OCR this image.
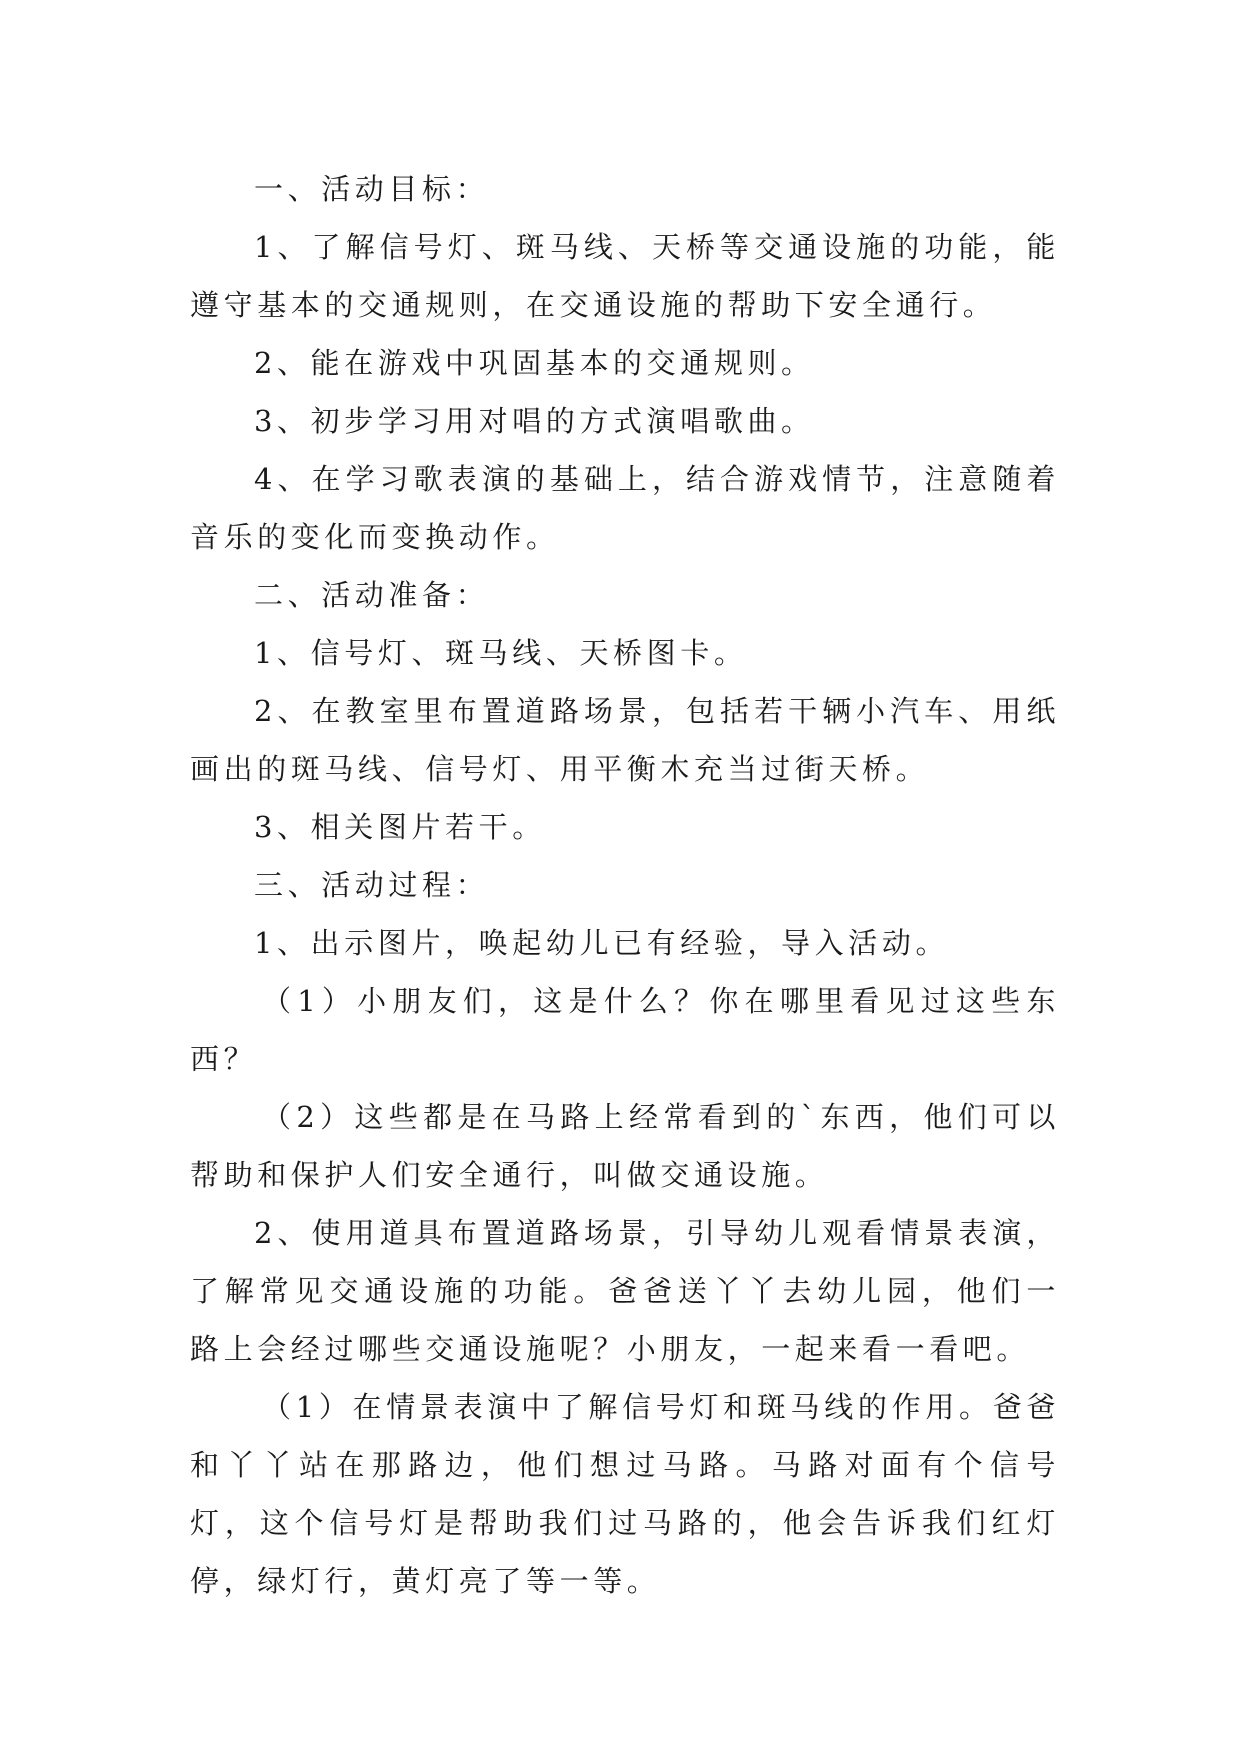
一、活动目标：

1、了解信号灯、斑马线、天桥等交通设施的功能，能遵守基本的交通规则，在交通设施的帮助下安全通行。

2、能在游戏中巩固基本的交通规则。

3、初步学习用对唱的方式演唱歌曲。

4、在学习歌表演的基础上，结合游戏情节，注意随着音乐的变化而变换动作。

二、活动准备：

1、信号灯、斑马线、天桥图卡。

2、在教室里布置道路场景，包括若干辆小汽车、用纸画出的斑马线、信号灯、用平衡木充当过街天桥。

3、相关图片若干。

三、活动过程：

1、出示图片，唤起幼儿已有经验，导入活动。

（1）小朋友们，这是什么？你在哪里看见过这些东西？

（2）这些都是在马路上经常看到的`东西，他们可以帮助和保护人们安全通行，叫做交通设施。

2、使用道具布置道路场景，引导幼儿观看情景表演，了解常见交通设施的功能。爸爸送丫丫去幼儿园，他们一路上会经过哪些交通设施呢？小朋友，一起来看一看吧。

（1）在情景表演中了解信号灯和斑马线的作用。爸爸和丫丫站在那路边，他们想过马路。马路对面有个信号灯，这个信号灯是帮助我们过马路的，他会告诉我们红灯停，绿灯行，黄灯亮了等一等。
